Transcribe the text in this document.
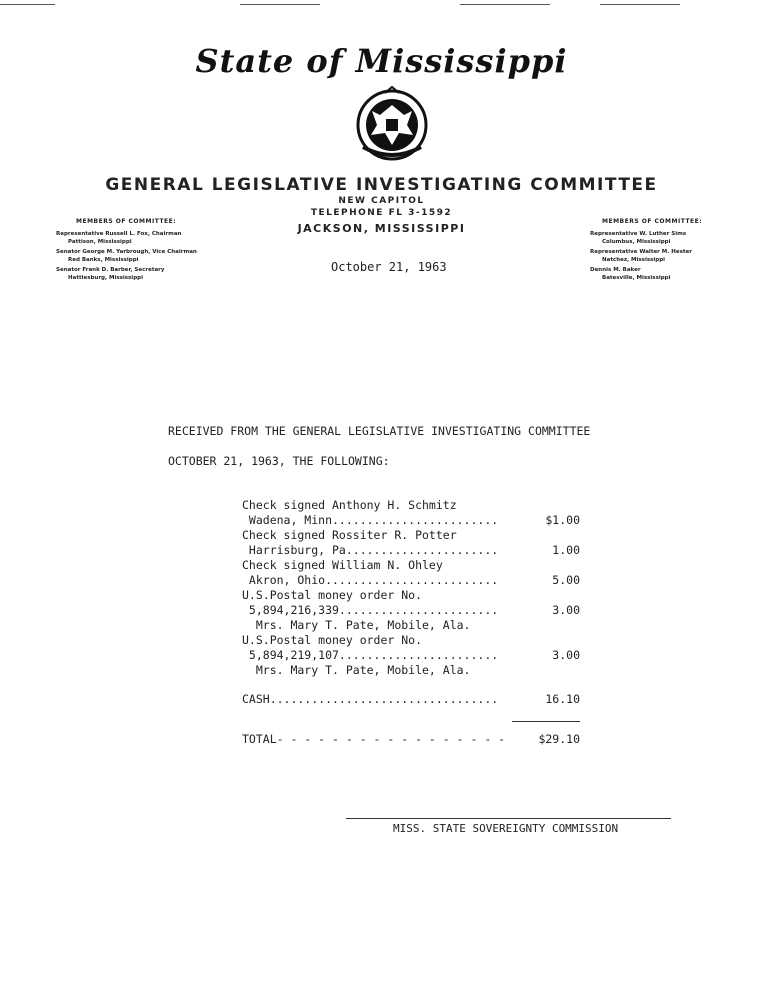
State of Mississippi
GENERAL LEGISLATIVE INVESTIGATING COMMITTEE
NEW CAPITOL
TELEPHONE FL 3-1592
JACKSON, MISSISSIPPI
MEMBERS OF COMMITTEE:
Representative Russell L. Fox, Chairman
Pattison, Mississippi
Senator George M. Yarbrough, Vice Chairman
Red Banks, Mississippi
Senator Frank D. Barber, Secretary
Hattiesburg, Mississippi
MEMBERS OF COMMITTEE:
Representative W. Luther Sims
Columbus, Mississippi
Representative Walter M. Hester
Natchez, Mississippi
Dennis M. Baker
Batesville, Mississippi
October 21, 1963
RECEIVED FROM THE GENERAL LEGISLATIVE INVESTIGATING COMMITTEE
OCTOBER 21, 1963, THE FOLLOWING:
Check signed Anthony H. Schmitz
Wadena, Minn........................	$1.00
Check signed Rossiter R. Potter
Harrisburg, Pa......................	1.00
Check signed William N. Ohley
Akron, Ohio.........................	5.00
U.S.Postal money order No.
5,894,216,339.......................	3.00
Mrs. Mary T. Pate, Mobile, Ala.
U.S.Postal money order No.
5,894,219,107.......................	3.00
Mrs. Mary T. Pate, Mobile, Ala.
CASH.................................	16.10
TOTAL- - - - - - - - - - - - - - - - -	$29.10
MISS. STATE SOVEREIGNTY COMMISSION
